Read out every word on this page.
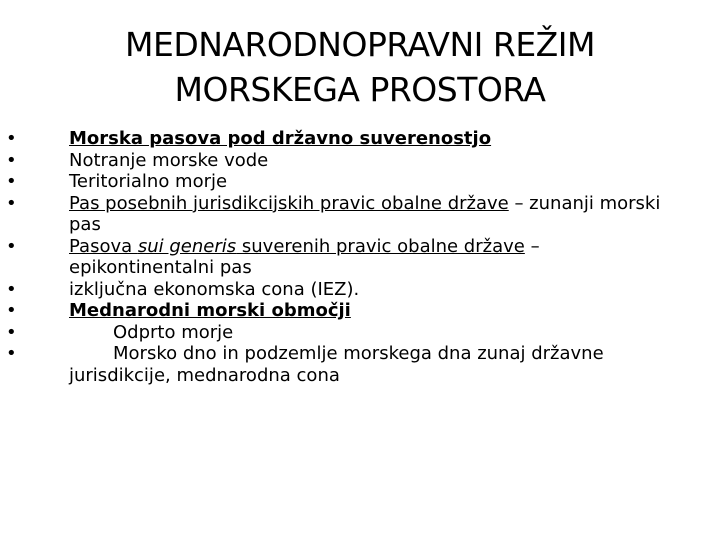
MEDNARODNOPRAVNI REŽIM
MORSKEGA PROSTORA
•	Morska pasova pod državno suverenostjo
•	Notranje morske vode
•	Teritorialno morje
•	Pas posebnih jurisdikcijskih pravic obalne države – zunanji morski pas
•	Pasova sui generis suverenih pravic obalne države – epikontinentalni pas
•	izključna ekonomska cona (IEZ).
•	Mednarodni morski območji
•	Odprto morje
•	Morsko dno in podzemlje morskega dna zunaj državne
jurisdikcije, mednarodna cona
